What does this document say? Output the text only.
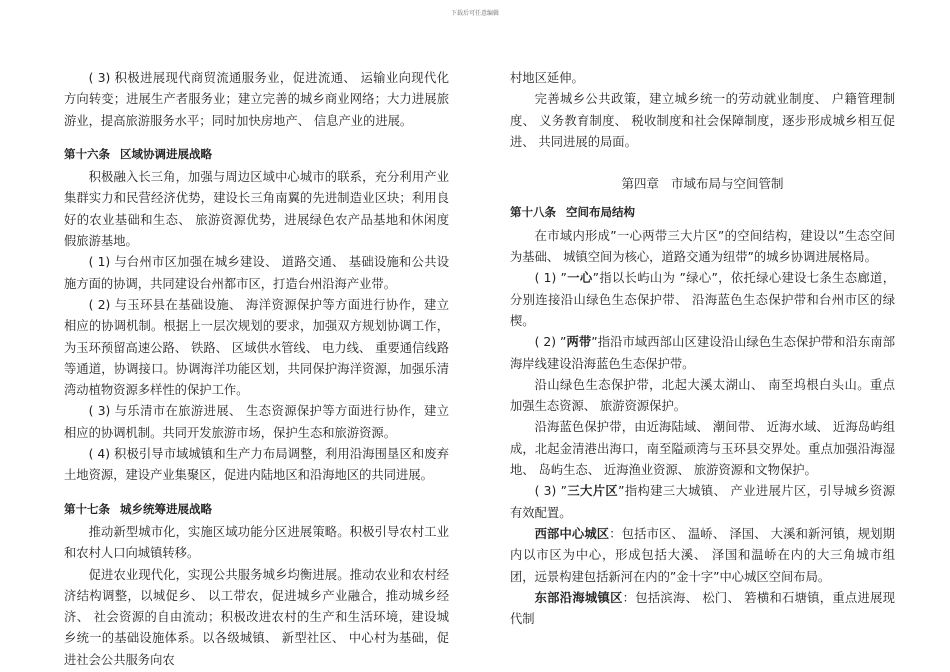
下载后可任意编辑

( 3) 积极进展现代商贸流通服务业，促进流通、 运输业向现代化方向转变；进展生产者服务业；建立完善的城乡商业网络；大力进展旅游业，提高旅游服务水平；同时加快房地产、 信息产业的进展。

第十六条 区域协调进展战略

积极融入长三角，加强与周边区域中心城市的联系，充分利用产业集群实力和民营经济优势，建设长三角南翼的先进制造业区块；利用良好的农业基础和生态、 旅游资源优势，进展绿色农产品基地和休闲度假旅游基地。

( 1) 与台州市区加强在城乡建设、 道路交通、 基础设施和公共设施方面的协调，共同建设台州都市区，打造台州沿海产业带。

( 2) 与玉环县在基础设施、 海洋资源保护等方面进行协作，建立相应的协调机制。根据上一层次规划的要求，加强双方规划协调工作，为玉环预留高速公路、 铁路、 区域供水管线、 电力线、 重要通信线路等通道，协调接口。协调海洋功能区划，共同保护海洋资源，加强乐清湾动植物资源多样性的保护工作。

( 3) 与乐清市在旅游进展、 生态资源保护等方面进行协作，建立相应的协调机制。共同开发旅游市场，保护生态和旅游资源。

( 4) 积极引导市域城镇和生产力布局调整，利用沿海围垦区和废弃土地资源，建设产业集聚区，促进内陆地区和沿海地区的共同进展。

第十七条 城乡统筹进展战略

推动新型城市化，实施区域功能分区进展策略。积极引导农村工业和农村人口向城镇转移。

促进农业现代化，实现公共服务城乡均衡进展。推动农业和农村经济结构调整，以城促乡、 以工带农，促进城乡产业融合，推动城乡经济、 社会资源的自由流动；积极改进农村的生产和生活环境，建设城乡统一的基础设施体系。以各级城镇、 新型社区、 中心村为基础，促进社会公共服务向农

村地区延伸。

完善城乡公共政策，建立城乡统一的劳动就业制度、 户籍管理制度、 义务教育制度、 税收制度和社会保障制度，逐步形成城乡相互促进、 共同进展的局面。

第四章 市域布局与空间管制

第十八条 空间布局结构

在市域内形成”一心两带三大片区”的空间结构，建设以”生态空间为基础、 城镇空间为核心，道路交通为纽带”的城乡协调进展格局。

( 1) ”一心”指以长屿山为 ”绿心”，依托绿心建设七条生态廊道，分别连接沿山绿色生态保护带、 沿海蓝色生态保护带和台州市区的绿楔。

( 2) ”两带”指沿市域西部山区建设沿山绿色生态保护带和沿东南部海岸线建设沿海蓝色生态保护带。

沿山绿色生态保护带，北起大溪太湖山、 南至坞根白头山。重点加强生态资源、 旅游资源保护。

沿海蓝色保护带，由近海陆域、 潮间带、 近海水域、 近海岛屿组成，北起金清港出海口，南至隘顽湾与玉环县交界处。重点加强沿海湿地、 岛屿生态、 近海渔业资源、 旅游资源和文物保护。

( 3) ”三大片区”指构建三大城镇、 产业进展片区，引导城乡资源有效配置。

西部中心城区：包括市区、 温峤、 泽国、 大溪和新河镇，规划期内以市区为中心，形成包括大溪、 泽国和温峤在内的大三角城市组团，远景构建包括新河在内的”金十字”中心城区空间布局。

东部沿海城镇区：包括滨海、 松门、 箬横和石塘镇，重点进展现代制
